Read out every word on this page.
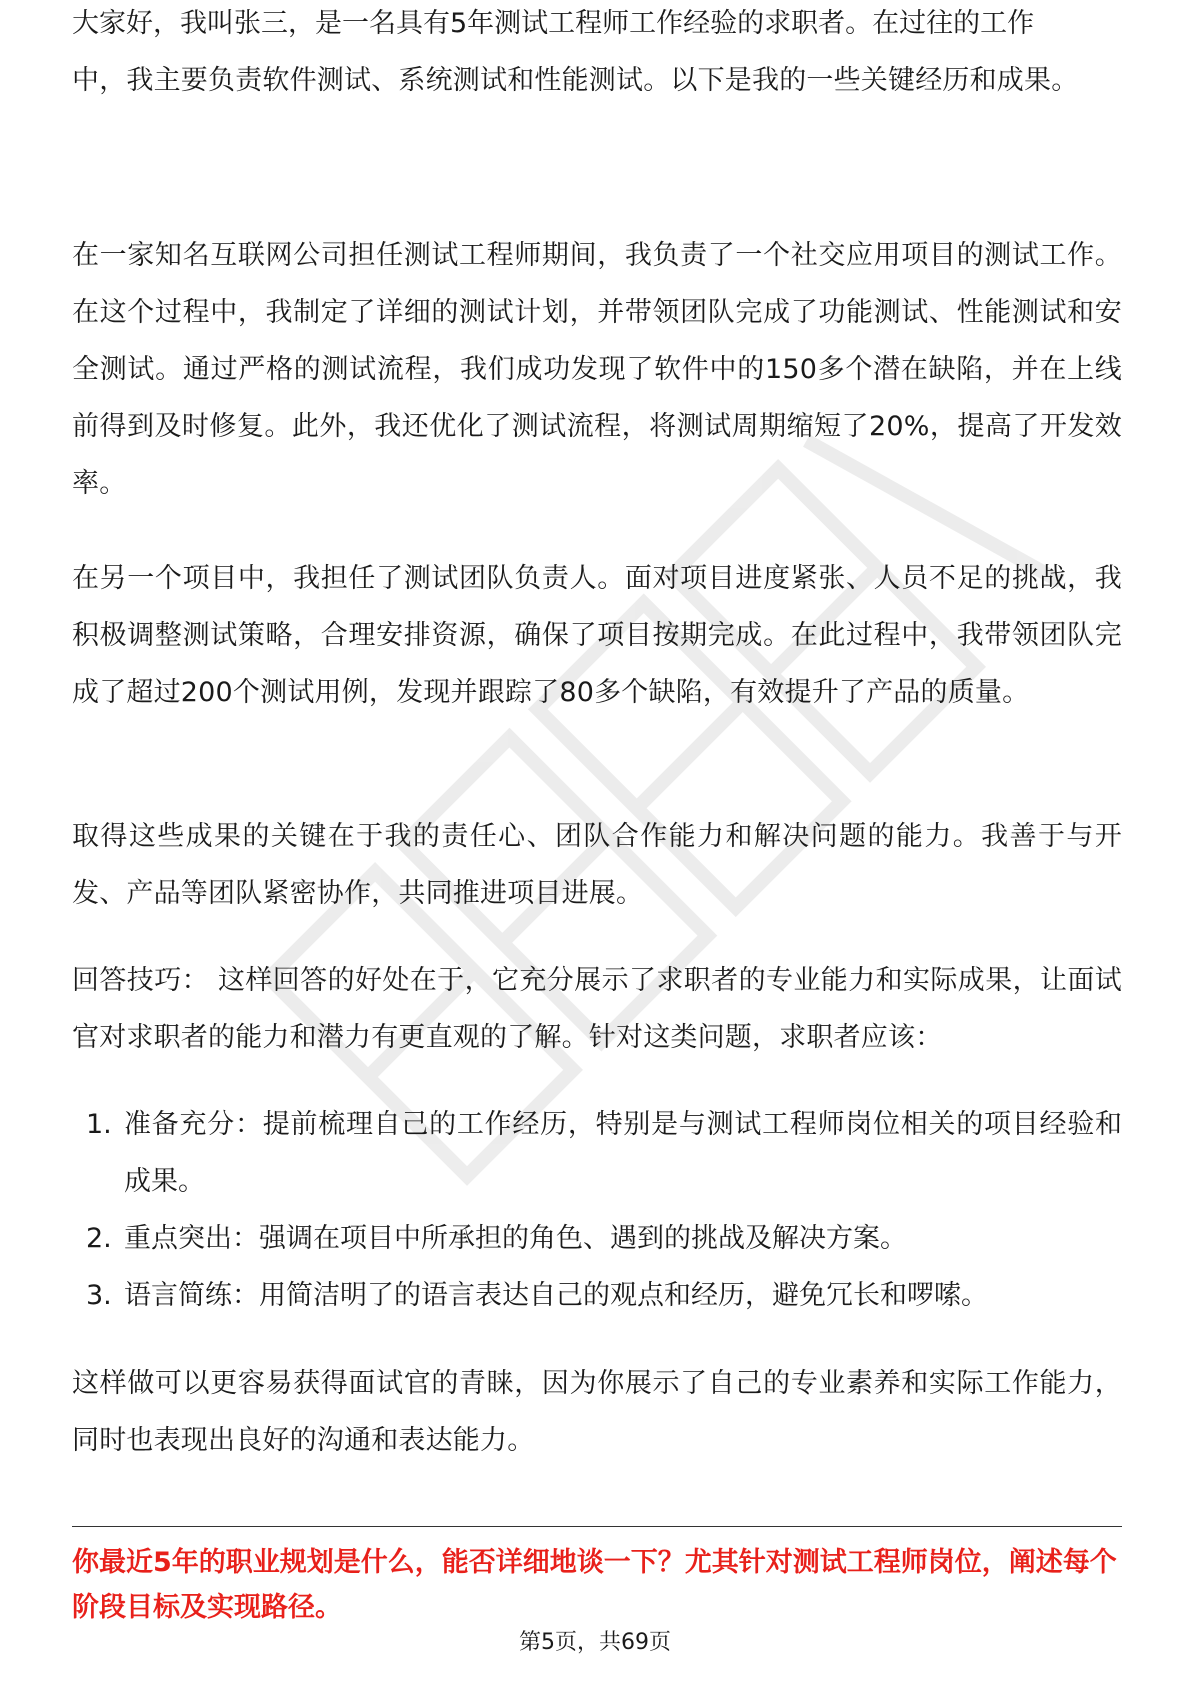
大家好，我叫张三，是一名具有5年测试工程师工作经验的求职者。在过往的工作

中，我主要负责软件测试、系统测试和性能测试。以下是我的一些关键经历和成果。

在一家知名互联网公司担任测试工程师期间，我负责了一个社交应用项目的测试工作。在这个过程中，我制定了详细的测试计划，并带领团队完成了功能测试、性能测试和安全测试。通过严格的测试流程，我们成功发现了软件中的150多个潜在缺陷，并在上线前得到及时修复。此外，我还优化了测试流程，将测试周期缩短了20%，提高了开发效率。

在另一个项目中，我担任了测试团队负责人。面对项目进度紧张、人员不足的挑战，我积极调整测试策略，合理安排资源，确保了项目按期完成。在此过程中，我带领团队完成了超过200个测试用例，发现并跟踪了80多个缺陷，有效提升了产品的质量。

取得这些成果的关键在于我的责任心、团队合作能力和解决问题的能力。我善于与开发、产品等团队紧密协作，共同推进项目进展。

回答技巧： 这样回答的好处在于，它充分展示了求职者的专业能力和实际成果，让面试官对求职者的能力和潜力有更直观的了解。针对这类问题，求职者应该：

1. 准备充分：提前梳理自己的工作经历，特别是与测试工程师岗位相关的项目经验和成果。
2. 重点突出：强调在项目中所承担的角色、遇到的挑战及解决方案。
3. 语言简练：用简洁明了的语言表达自己的观点和经历，避免冗长和啰嗦。

这样做可以更容易获得面试官的青睐，因为你展示了自己的专业素养和实际工作能力，同时也表现出良好的沟通和表达能力。

你最近5年的职业规划是什么，能否详细地谈一下？尤其针对测试工程师岗位，阐述每个阶段目标及实现路径。

第5页，共69页
